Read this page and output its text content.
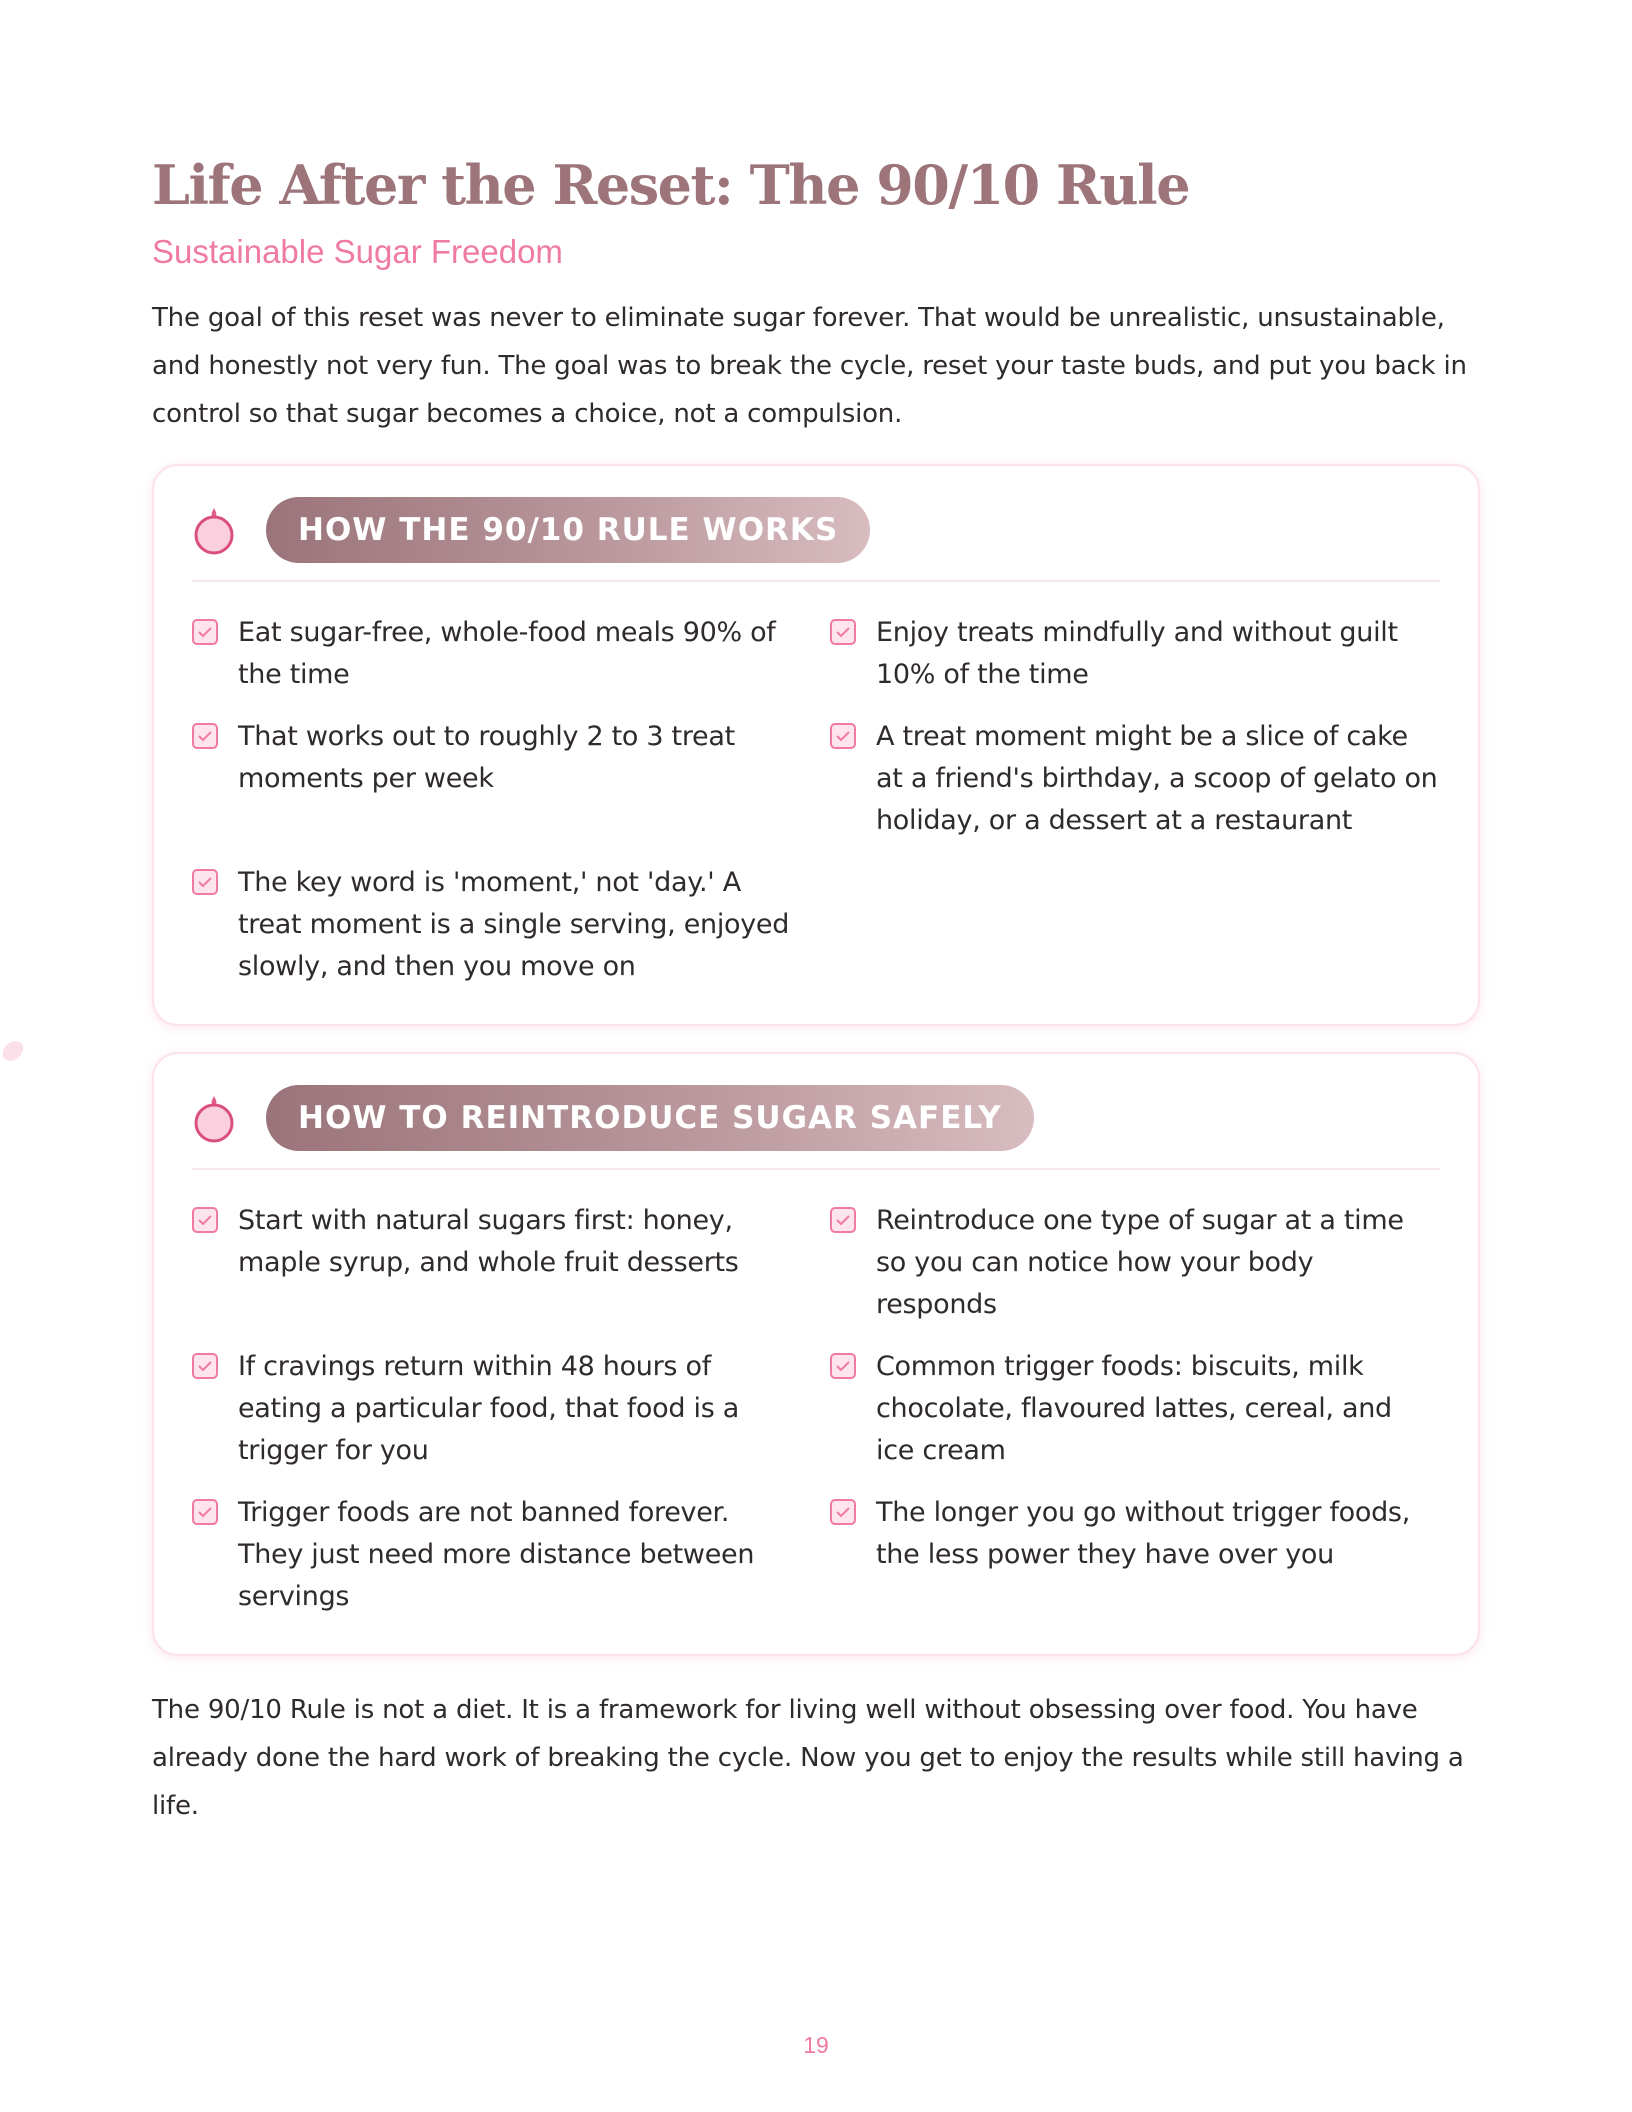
Life After the Reset: The 90/10 Rule
Sustainable Sugar Freedom

The goal of this reset was never to eliminate sugar forever. That would be unrealistic, unsustainable, and honestly not very fun. The goal was to break the cycle, reset your taste buds, and put you back in control so that sugar becomes a choice, not a compulsion.

HOW THE 90/10 RULE WORKS
Eat sugar-free, whole-food meals 90% of the time
Enjoy treats mindfully and without guilt 10% of the time
That works out to roughly 2 to 3 treat moments per week
A treat moment might be a slice of cake at a friend's birthday, a scoop of gelato on holiday, or a dessert at a restaurant
The key word is 'moment,' not 'day.' A treat moment is a single serving, enjoyed slowly, and then you move on
HOW TO REINTRODUCE SUGAR SAFELY
Start with natural sugars first: honey, maple syrup, and whole fruit desserts
Reintroduce one type of sugar at a time so you can notice how your body responds
If cravings return within 48 hours of eating a particular food, that food is a trigger for you
Common trigger foods: biscuits, milk chocolate, flavoured lattes, cereal, and ice cream
Trigger foods are not banned forever. They just need more distance between servings
The longer you go without trigger foods, the less power they have over you

The 90/10 Rule is not a diet. It is a framework for living well without obsessing over food. You have already done the hard work of breaking the cycle. Now you get to enjoy the results while still having a life.

19
